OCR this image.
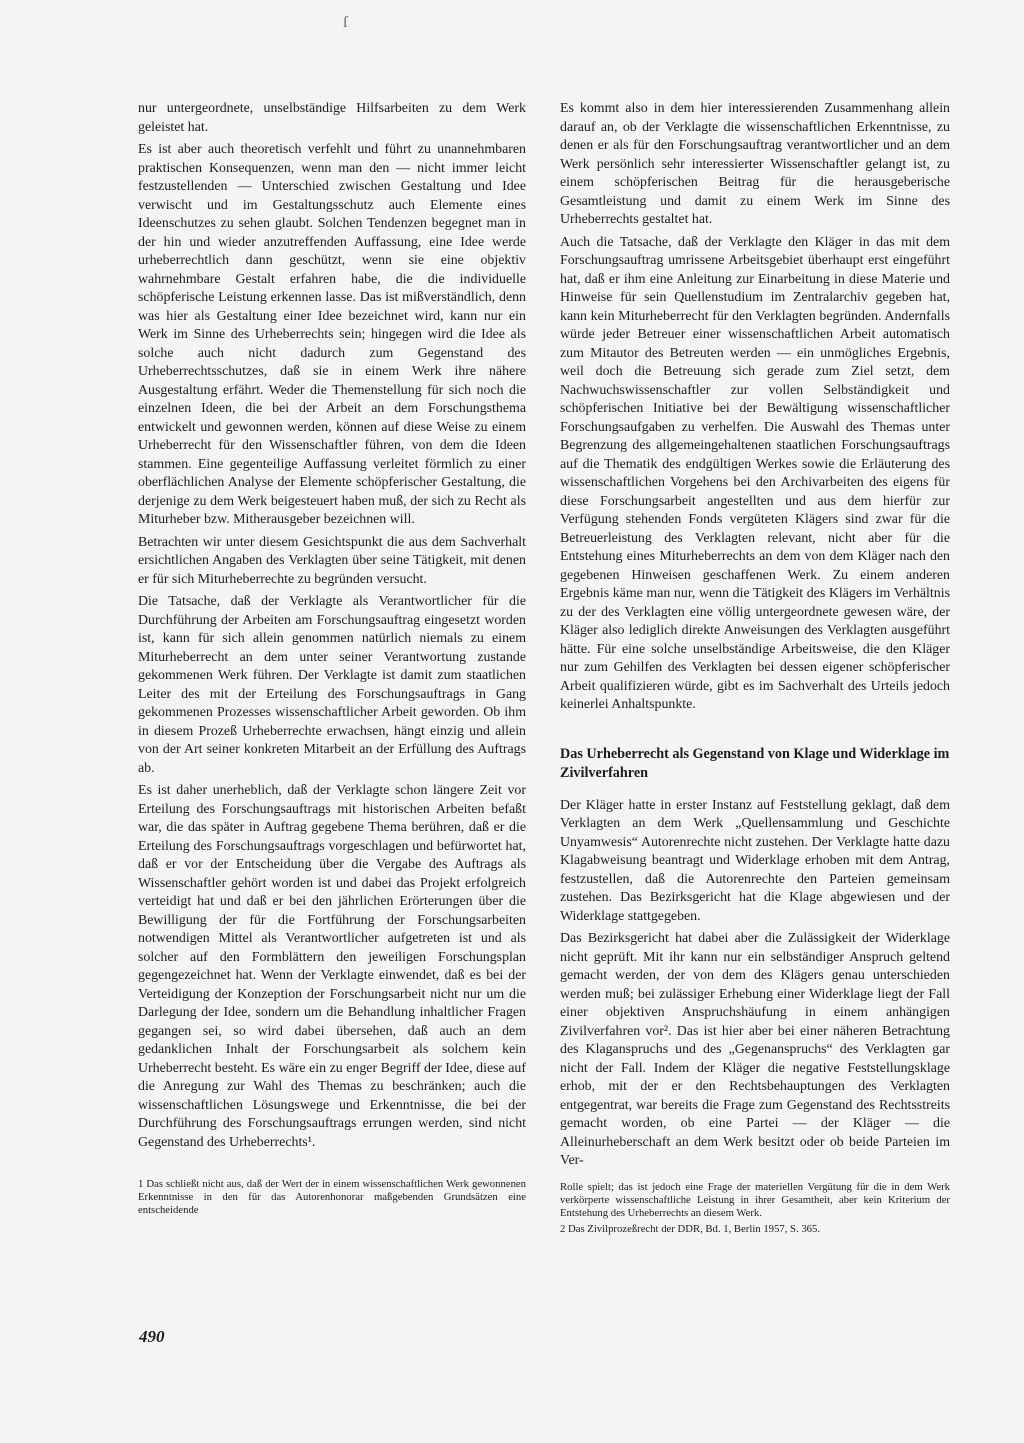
ſ

nur untergeordnete, unselbständige Hilfsarbeiten zu dem Werk geleistet hat.

Es ist aber auch theoretisch verfehlt und führt zu unannehmbaren praktischen Konsequenzen, wenn man den — nicht immer leicht festzustellenden — Unterschied zwischen Gestaltung und Idee verwischt und im Gestaltungsschutz auch Elemente eines Ideenschutzes zu sehen glaubt. Solchen Tendenzen begegnet man in der hin und wieder anzutreffenden Auffassung, eine Idee werde urheberrechtlich dann geschützt, wenn sie eine objektiv wahrnehmbare Gestalt erfahren habe, die die individuelle schöpferische Leistung erkennen lasse. Das ist mißverständlich, denn was hier als Gestaltung einer Idee bezeichnet wird, kann nur ein Werk im Sinne des Urheberrechts sein; hingegen wird die Idee als solche auch nicht dadurch zum Gegenstand des Urheberrechtsschutzes, daß sie in einem Werk ihre nähere Ausgestaltung erfährt. Weder die Themenstellung für sich noch die einzelnen Ideen, die bei der Arbeit an dem Forschungsthema entwickelt und gewonnen werden, können auf diese Weise zu einem Urheberrecht für den Wissenschaftler führen, von dem die Ideen stammen. Eine gegenteilige Auffassung verleitet förmlich zu einer oberflächlichen Analyse der Elemente schöpferischer Gestaltung, die derjenige zu dem Werk beigesteuert haben muß, der sich zu Recht als Miturheber bzw. Mitherausgeber bezeichnen will.

Betrachten wir unter diesem Gesichtspunkt die aus dem Sachverhalt ersichtlichen Angaben des Verklagten über seine Tätigkeit, mit denen er für sich Miturheberrechte zu begründen versucht.

Die Tatsache, daß der Verklagte als Verantwortlicher für die Durchführung der Arbeiten am Forschungsauftrag eingesetzt worden ist, kann für sich allein genommen natürlich niemals zu einem Miturheberrecht an dem unter seiner Verantwortung zustande gekommenen Werk führen. Der Verklagte ist damit zum staatlichen Leiter des mit der Erteilung des Forschungsauftrags in Gang gekommenen Prozesses wissenschaftlicher Arbeit geworden. Ob ihm in diesem Prozeß Urheberrechte erwachsen, hängt einzig und allein von der Art seiner konkreten Mitarbeit an der Erfüllung des Auftrags ab.

Es ist daher unerheblich, daß der Verklagte schon längere Zeit vor Erteilung des Forschungsauftrags mit historischen Arbeiten befaßt war, die das später in Auftrag gegebene Thema berühren, daß er die Erteilung des Forschungsauftrags vorgeschlagen und befürwortet hat, daß er vor der Entscheidung über die Vergabe des Auftrags als Wissenschaftler gehört worden ist und dabei das Projekt erfolgreich verteidigt hat und daß er bei den jährlichen Erörterungen über die Bewilligung der für die Fortführung der Forschungsarbeiten notwendigen Mittel als Verantwortlicher aufgetreten ist und als solcher auf den Formblättern den jeweiligen Forschungsplan gegengezeichnet hat. Wenn der Verklagte einwendet, daß es bei der Verteidigung der Konzeption der Forschungsarbeit nicht nur um die Darlegung der Idee, sondern um die Behandlung inhaltlicher Fragen gegangen sei, so wird dabei übersehen, daß auch an dem gedanklichen Inhalt der Forschungsarbeit als solchem kein Urheberrecht besteht. Es wäre ein zu enger Begriff der Idee, diese auf die Anregung zur Wahl des Themas zu beschränken; auch die wissenschaftlichen Lösungswege und Erkenntnisse, die bei der Durchführung des Forschungsauftrags errungen werden, sind nicht Gegenstand des Urheberrechts¹.

1 Das schließt nicht aus, daß der Wert der in einem wissenschaftlichen Werk gewonnenen Erkenntnisse in den für das Autorenhonorar maßgebenden Grundsätzen eine entscheidende

Es kommt also in dem hier interessierenden Zusammenhang allein darauf an, ob der Verklagte die wissenschaftlichen Erkenntnisse, zu denen er als für den Forschungsauftrag verantwortlicher und an dem Werk persönlich sehr interessierter Wissenschaftler gelangt ist, zu einem schöpferischen Beitrag für die herausgeberische Gesamtleistung und damit zu einem Werk im Sinne des Urheberrechts gestaltet hat.

Auch die Tatsache, daß der Verklagte den Kläger in das mit dem Forschungsauftrag umrissene Arbeitsgebiet überhaupt erst eingeführt hat, daß er ihm eine Anleitung zur Einarbeitung in diese Materie und Hinweise für sein Quellenstudium im Zentralarchiv gegeben hat, kann kein Miturheberrecht für den Verklagten begründen. Andernfalls würde jeder Betreuer einer wissenschaftlichen Arbeit automatisch zum Mitautor des Betreuten werden — ein unmögliches Ergebnis, weil doch die Betreuung sich gerade zum Ziel setzt, dem Nachwuchswissenschaftler zur vollen Selbständigkeit und schöpferischen Initiative bei der Bewältigung wissenschaftlicher Forschungsaufgaben zu verhelfen. Die Auswahl des Themas unter Begrenzung des allgemeingehaltenen staatlichen Forschungsauftrags auf die Thematik des endgültigen Werkes sowie die Erläuterung des wissenschaftlichen Vorgehens bei den Archivarbeiten des eigens für diese Forschungsarbeit angestellten und aus dem hierfür zur Verfügung stehenden Fonds vergüteten Klägers sind zwar für die Betreuerleistung des Verklagten relevant, nicht aber für die Entstehung eines Miturheberrechts an dem von dem Kläger nach den gegebenen Hinweisen geschaffenen Werk. Zu einem anderen Ergebnis käme man nur, wenn die Tätigkeit des Klägers im Verhältnis zu der des Verklagten eine völlig untergeordnete gewesen wäre, der Kläger also lediglich direkte Anweisungen des Verklagten ausgeführt hätte. Für eine solche unselbständige Arbeitsweise, die den Kläger nur zum Gehilfen des Verklagten bei dessen eigener schöpferischer Arbeit qualifizieren würde, gibt es im Sachverhalt des Urteils jedoch keinerlei Anhaltspunkte.

Das Urheberrecht als Gegenstand von Klage und Widerklage im Zivilverfahren

Der Kläger hatte in erster Instanz auf Feststellung geklagt, daß dem Verklagten an dem Werk „Quellensammlung und Geschichte Unyamwesis“ Autorenrechte nicht zustehen. Der Verklagte hatte dazu Klagabweisung beantragt und Widerklage erhoben mit dem Antrag, festzustellen, daß die Autorenrechte den Parteien gemeinsam zustehen. Das Bezirksgericht hat die Klage abgewiesen und der Widerklage stattgegeben.

Das Bezirksgericht hat dabei aber die Zulässigkeit der Widerklage nicht geprüft. Mit ihr kann nur ein selbständiger Anspruch geltend gemacht werden, der von dem des Klägers genau unterschieden werden muß; bei zulässiger Erhebung einer Widerklage liegt der Fall einer objektiven Anspruchshäufung in einem anhängigen Zivilverfahren vor². Das ist hier aber bei einer näheren Betrachtung des Klaganspruchs und des „Gegenanspruchs“ des Verklagten gar nicht der Fall. Indem der Kläger die negative Feststellungsklage erhob, mit der er den Rechtsbehauptungen des Verklagten entgegentrat, war bereits die Frage zum Gegenstand des Rechtsstreits gemacht worden, ob eine Partei — der Kläger — die Alleinurheberschaft an dem Werk besitzt oder ob beide Parteien im Ver-

Rolle spielt; das ist jedoch eine Frage der materiellen Vergütung für die in dem Werk verkörperte wissenschaftliche Leistung in ihrer Gesamtheit, aber kein Kriterium der Entstehung des Urheberrechts an diesem Werk.

2 Das Zivilprozeßrecht der DDR, Bd. 1, Berlin 1957, S. 365.

490
